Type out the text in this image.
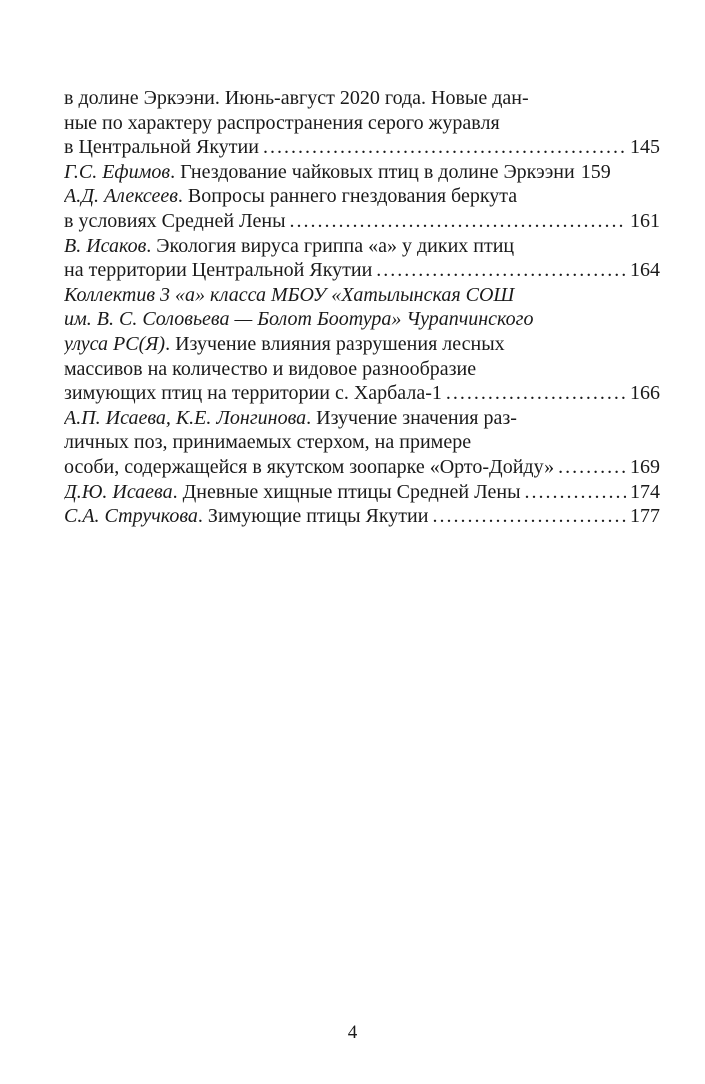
в долине Эркээни. Июнь-август 2020 года. Новые дан-
ные по характеру распространения серого журавля
в Центральной Якутии .....	145
Г.С. Ефимов. Гнездование чайковых птиц в долине Эркээни 159
А.Д. Алексеев. Вопросы раннего гнездования беркута
в условиях Средней Лены .....	161
В. Исаков. Экология вируса гриппа «а» у диких птиц
на территории Центральной Якутии .....	164
Коллектив 3 «а» класса МБОУ «Хатылынская СОШ
им. В. С. Соловьева — Болот Боотура» Чурапчинского
улуса РС(Я). Изучение влияния разрушения лесных
массивов на количество и видовое разнообразие
зимующих птиц на территории с. Харбала-1 .....	166
А.П. Исаева, К.Е. Лонгинова. Изучение значения раз-
личных поз, принимаемых стерхом, на примере
особи, содержащейся в якутском зоопарке «Орто-Дойду» .....	169
Д.Ю. Исаева. Дневные хищные птицы Средней Лены .....	174
С.А. Стручкова. Зимующие птицы Якутии .....	177
4
